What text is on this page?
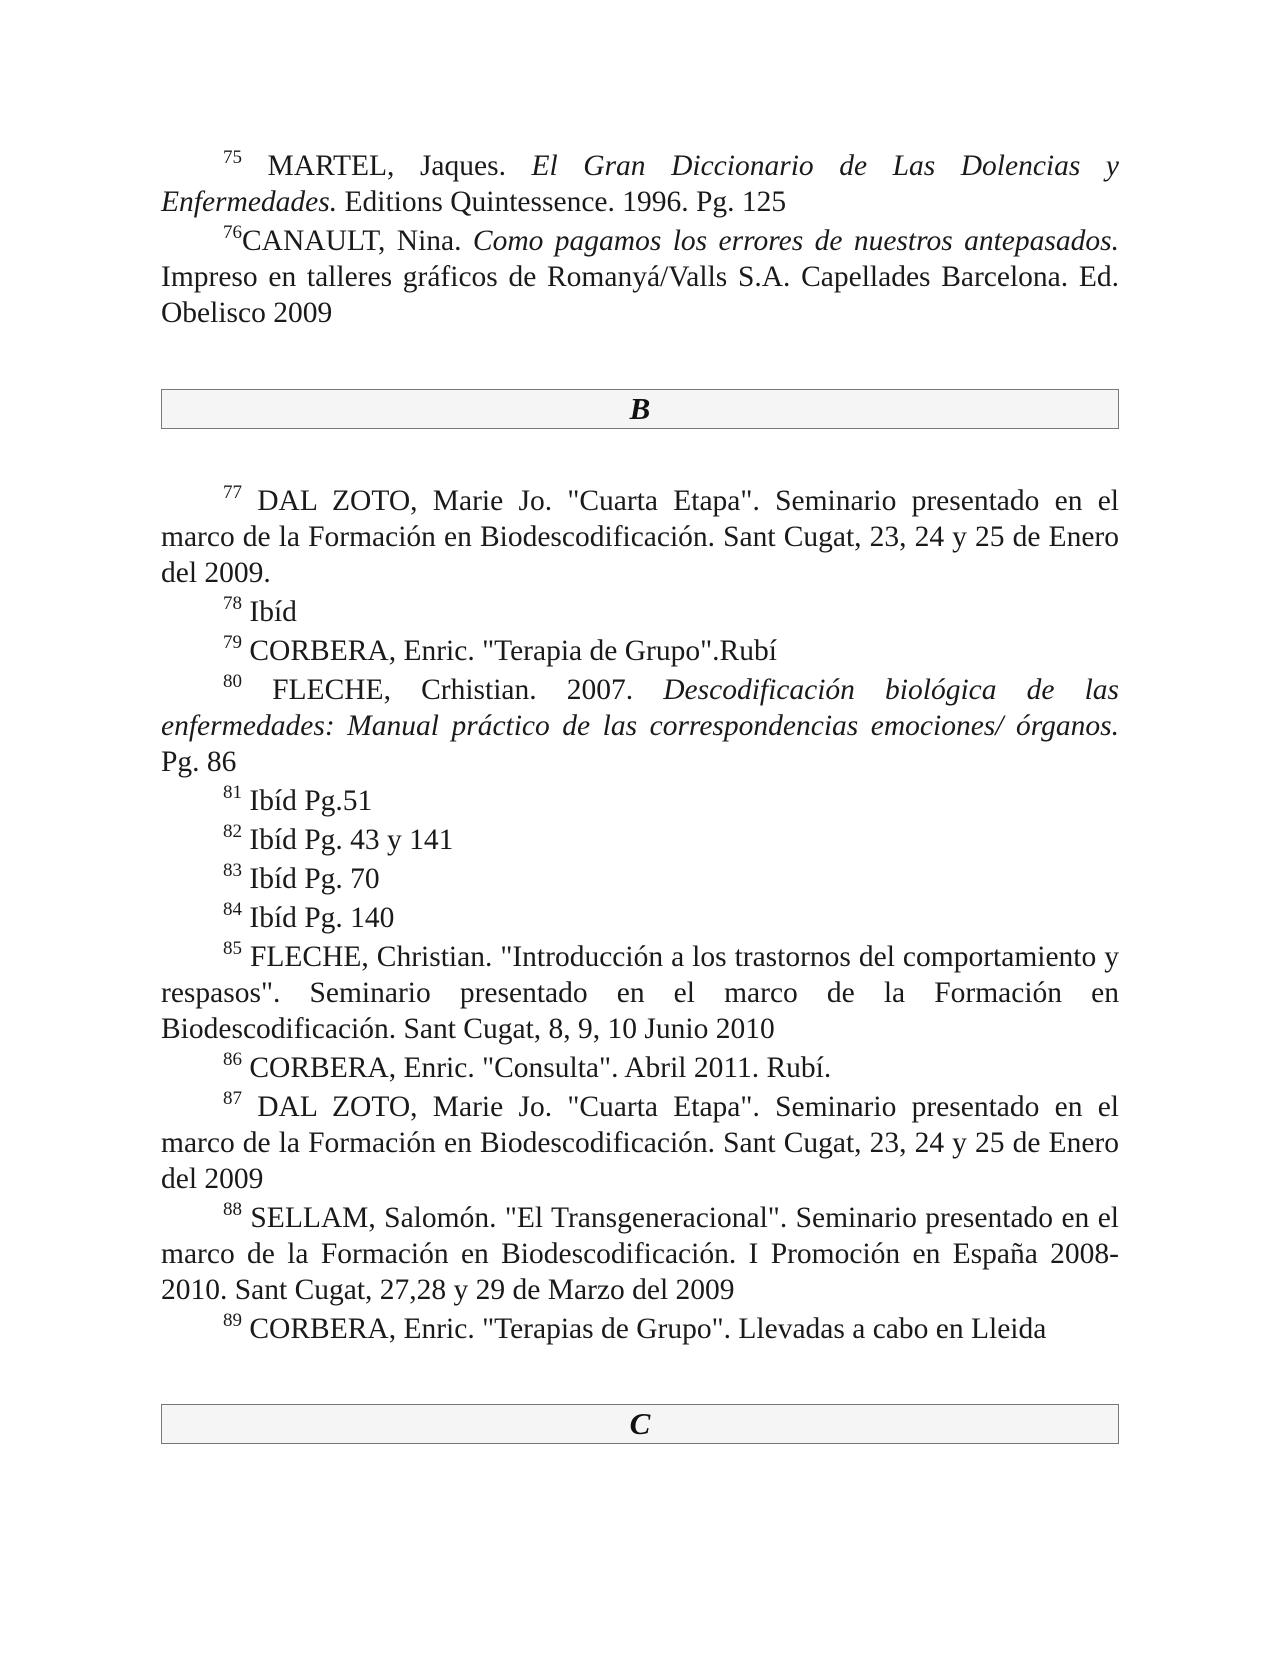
$^{75}$ MARTEL, Jaques. El Gran Diccionario de Las Dolencias y Enfermedades. Editions Quintessence. 1996. Pg. 125

$^{76}$CANAULT, Nina. Como pagamos los errores de nuestros antepasados. Impreso en talleres gráficos de Romanyá/Valls S.A. Capellades Barcelona. Ed. Obelisco 2009

B

$^{77}$ DAL ZOTO, Marie Jo. "Cuarta Etapa". Seminario presentado en el marco de la Formación en Biodescodificación. Sant Cugat, 23, 24 y 25 de Enero del 2009.

$^{78}$ Ibíd

$^{79}$ CORBERA, Enric. "Terapia de Grupo".Rubí

$^{80}$ FLECHE, Crhistian. 2007. Descodificación biológica de las enfermedades: Manual práctico de las correspondencias emociones/ órganos. Pg. 86

$^{81}$ Ibíd Pg.51

$^{82}$ Ibíd Pg. 43 y 141

$^{83}$ Ibíd Pg. 70

$^{84}$ Ibíd Pg. 140

$^{85}$ FLECHE, Christian. "Introducción a los trastornos del comportamiento y respasos". Seminario presentado en el marco de la Formación en Biodescodificación. Sant Cugat, 8, 9, 10 Junio 2010

$^{86}$ CORBERA, Enric. "Consulta". Abril 2011. Rubí.

$^{87}$ DAL ZOTO, Marie Jo. "Cuarta Etapa". Seminario presentado en el marco de la Formación en Biodescodificación. Sant Cugat, 23, 24 y 25 de Enero del 2009

$^{88}$ SELLAM, Salomón. "El Transgeneracional". Seminario presentado en el marco de la Formación en Biodescodificación. I Promoción en España 2008-2010. Sant Cugat, 27,28 y 29 de Marzo del 2009

$^{89}$ CORBERA, Enric. "Terapias de Grupo". Llevadas a cabo en Lleida

C
